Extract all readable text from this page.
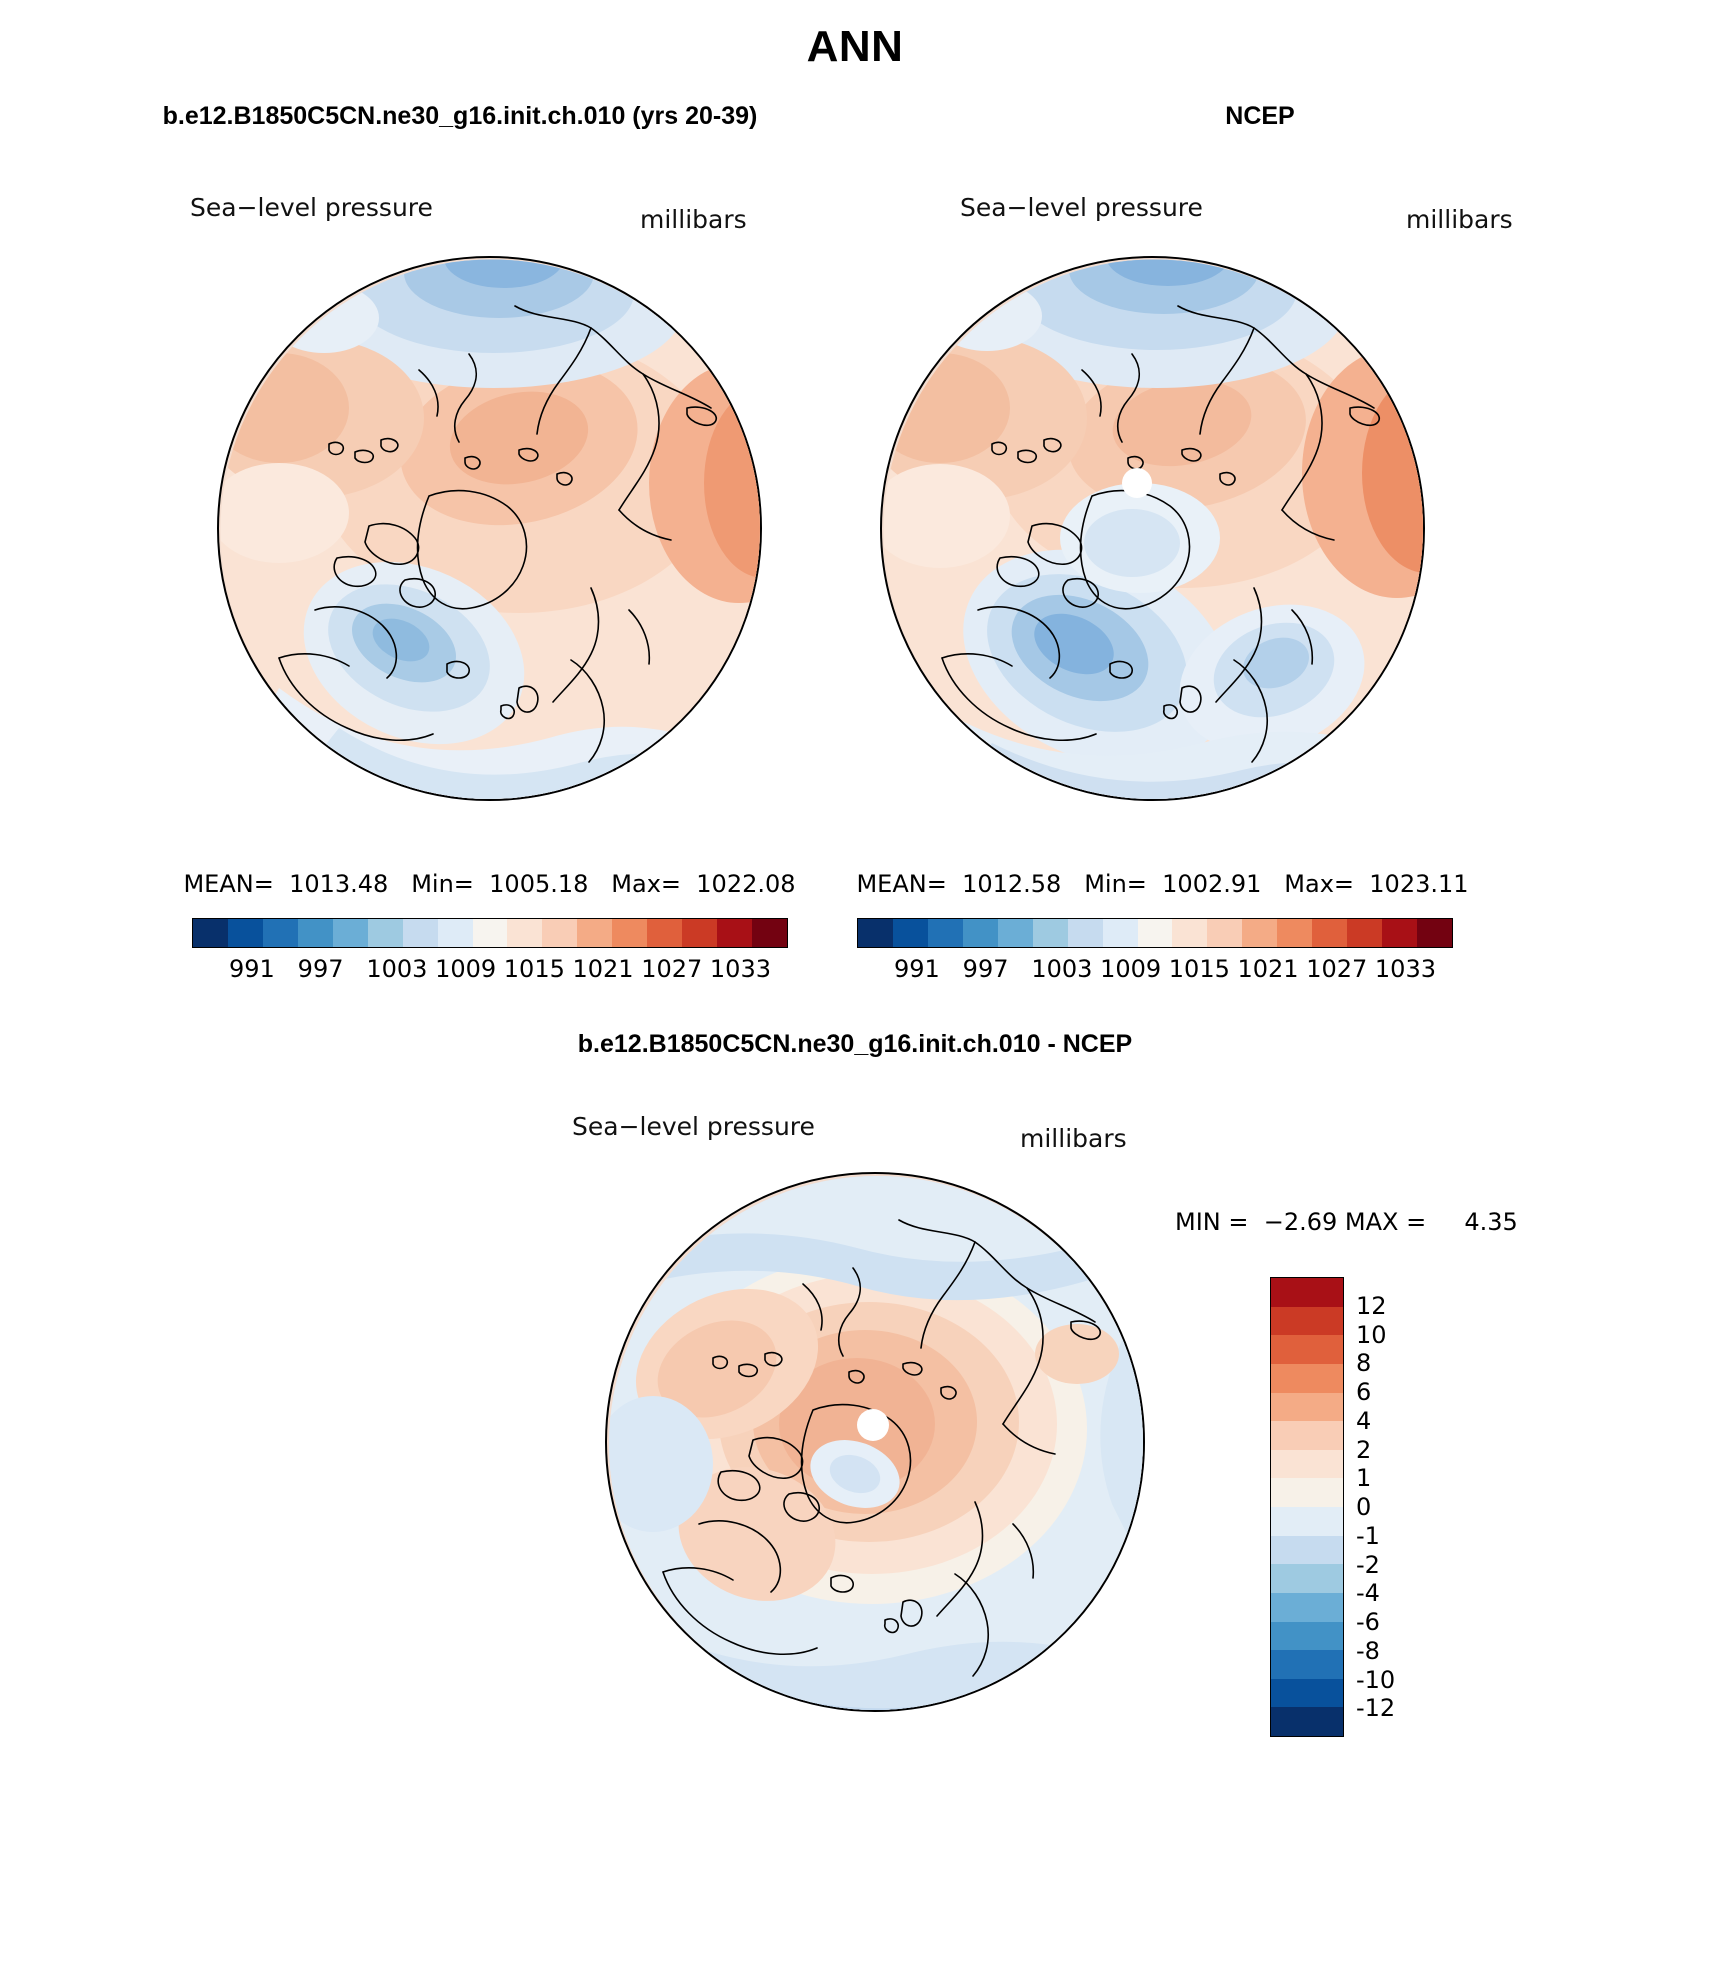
ANN
b.e12.B1850C5CN.ne30_g16.init.ch.010 (yrs 20-39)	NCEP
b.e12.B1850C5CN.ne30_g16.init.ch.010 - NCEP
Sea−level pressure	millibars
MEAN=  1013.48   Min=  1005.18   Max=  1022.08
991   997   1003 1009 1015 1021 1027 1033
Sea−level pressure	millibars
MEAN=  1012.58   Min=  1002.91   Max=  1023.11
991   997   1003 1009 1015 1021 1027 1033
Sea−level pressure	millibars
MIN =  −2.69 MAX =     4.35
12
10
8
6
4
2
1
0
-1
-2
-4
-6
-8
-10
-12
